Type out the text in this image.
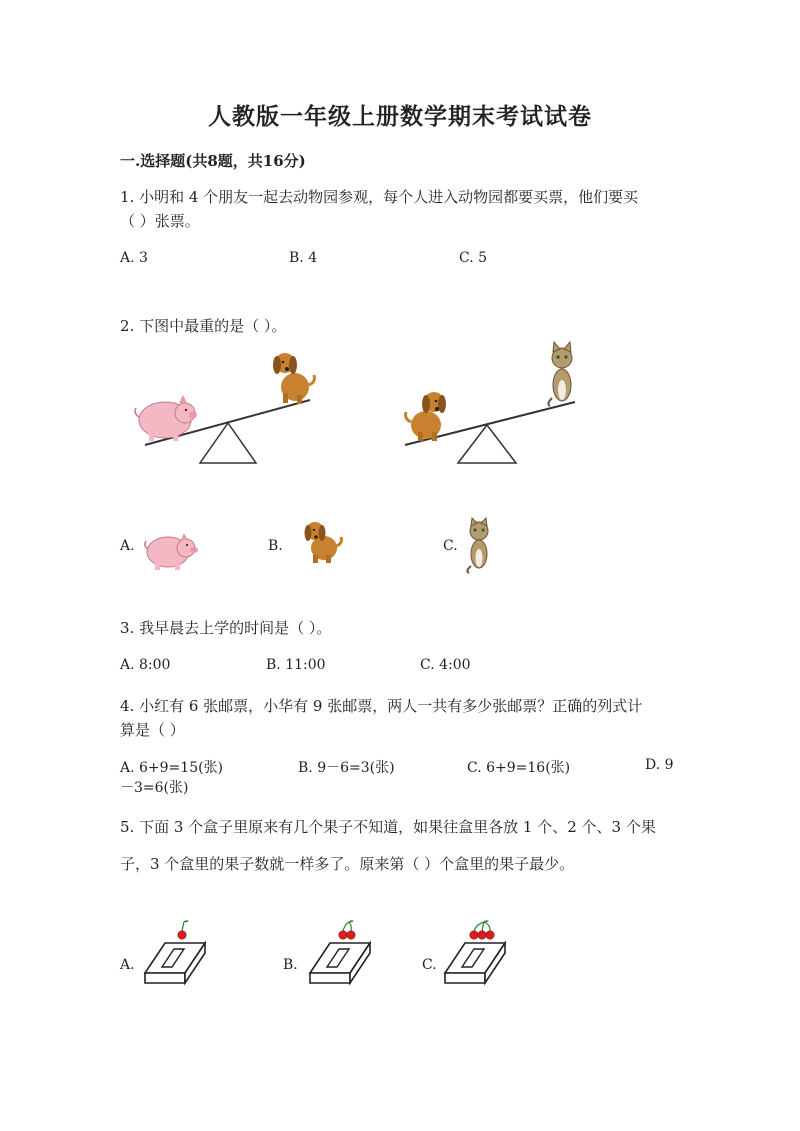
人教版一年级上册数学期末考试试卷
一.选择题(共8题，共16分)
1. 小明和 4 个朋友一起去动物园参观，每个人进入动物园都要买票，他们要买
（ ）张票。
A. 3	B. 4	C. 5
2. 下图中最重的是（ ）。
A.	B.	C.
3. 我早晨去上学的时间是（ ）。
A. 8:00	B. 11:00	C. 4:00
4. 小红有 6 张邮票，小华有 9 张邮票，两人一共有多少张邮票？正确的列式计
算是（ ）
A. 6+9=15(张)	B. 9－6=3(张)	C. 6+9=16(张)	D. 9
－3=6(张)
5. 下面 3 个盒子里原来有几个果子不知道，如果往盒里各放 1 个、2 个、3 个果
子，3 个盒里的果子数就一样多了。原来第（ ）个盒里的果子最少。
A.	B.	C.
